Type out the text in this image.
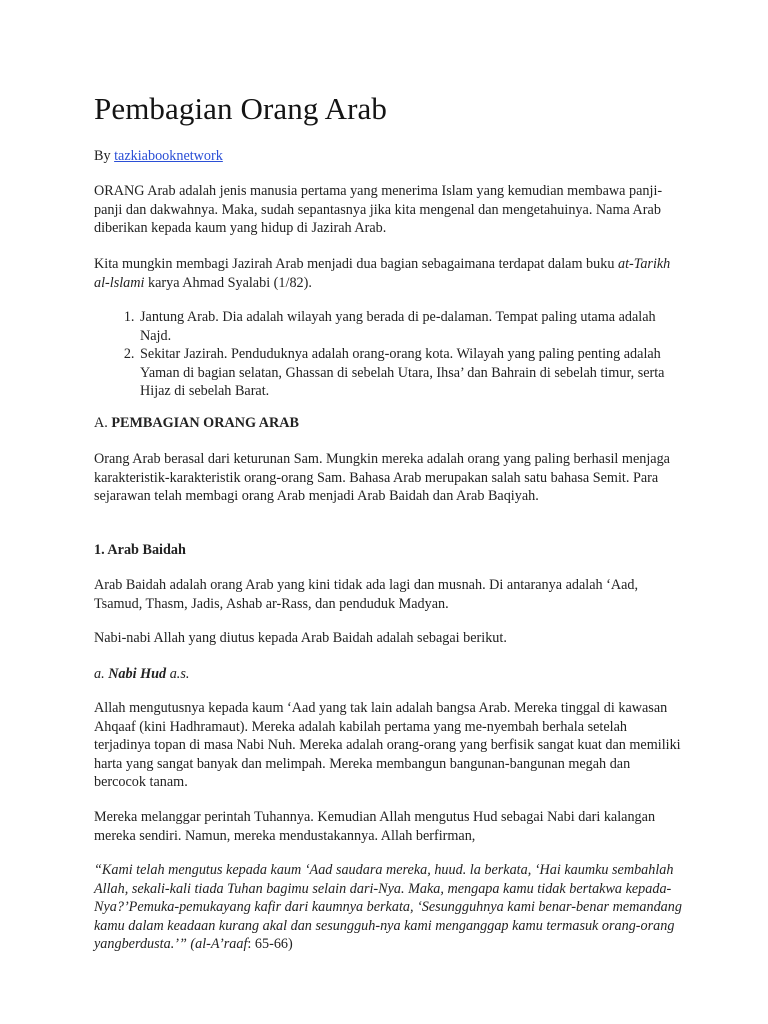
Pembagian Orang Arab

By tazkiabooknetwork

ORANG Arab adalah jenis manusia pertama yang menerima Islam yang kemudian membawa panji-panji dan dakwahnya. Maka, sudah sepantasnya jika kita mengenal dan mengetahuinya. Nama Arab diberikan kepada kaum yang hidup di Jazirah Arab.

Kita mungkin membagi Jazirah Arab menjadi dua bagian sebagaimana terdapat dalam buku at-Tarikh al-lslami karya Ahmad Syalabi (1/82).

1. Jantung Arab. Dia adalah wilayah yang berada di pe-dalaman. Tempat paling utama adalah Najd.
2. Sekitar Jazirah. Penduduknya adalah orang-orang kota. Wilayah yang paling penting adalah Yaman di bagian selatan, Ghassan di sebelah Utara, Ihsa’ dan Bahrain di sebelah timur, serta Hijaz di sebelah Barat.

A. PEMBAGIAN ORANG ARAB

Orang Arab berasal dari keturunan Sam. Mungkin mereka adalah orang yang paling berhasil menjaga karakteristik-karakteristik orang-orang Sam. Bahasa Arab merupakan salah satu bahasa Semit. Para sejarawan telah membagi orang Arab menjadi Arab Baidah dan Arab Baqiyah.

1. Arab Baidah

Arab Baidah adalah orang Arab yang kini tidak ada lagi dan musnah. Di antaranya adalah ‘Aad, Tsamud, Thasm, Jadis, Ashab ar-Rass, dan penduduk Madyan.

Nabi-nabi Allah yang diutus kepada Arab Baidah adalah sebagai berikut.

a. Nabi Hud a.s.

Allah mengutusnya kepada kaum ‘Aad yang tak lain adalah bangsa Arab. Mereka tinggal di kawasan Ahqaaf (kini Hadhramaut). Mereka adalah kabilah pertama yang me-nyembah berhala setelah terjadinya topan di masa Nabi Nuh. Mereka adalah orang-orang yang berfisik sangat kuat dan memiliki harta yang sangat banyak dan melimpah. Mereka membangun bangunan-bangunan megah dan bercocok tanam.

Mereka melanggar perintah Tuhannya. Kemudian Allah mengutus Hud sebagai Nabi dari kalangan mereka sendiri. Namun, mereka mendustakannya. Allah berfirman,

“Kami telah mengutus kepada kaum ‘Aad saudara mereka, huud. la berkata, ‘Hai kaumku sembahlah Allah, sekali-kali tiada Tuhan bagimu selain dari-Nya. Maka, mengapa kamu tidak bertakwa kepada-Nya?’Pemuka-pemukayang kafir dari kaumnya berkata, ‘Sesungguhnya kami benar-benar memandang kamu dalam keadaan kurang akal dan sesungguh-nya kami menganggap kamu termasuk orang-orang yangberdusta.’” (al-A’raaf: 65-66)
